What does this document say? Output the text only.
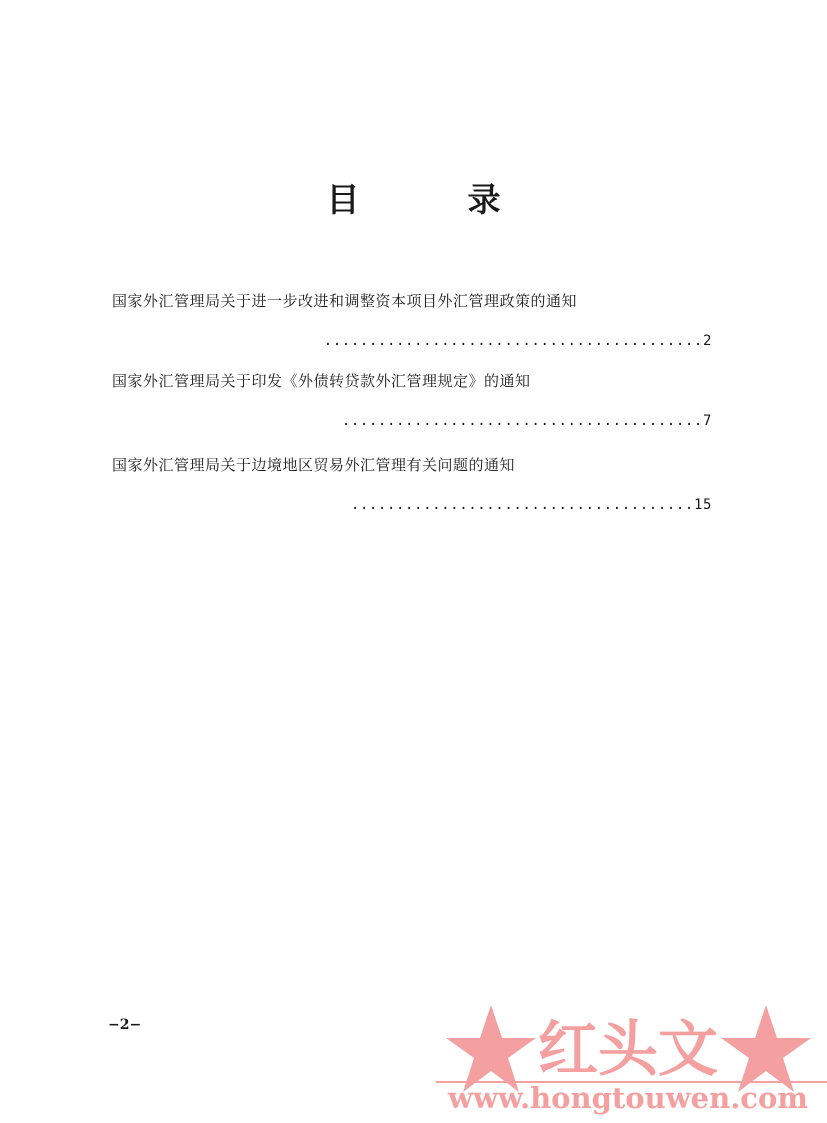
目	录
国家外汇管理局关于进一步改进和调整资本项目外汇管理政策的通知
..........................................2
国家外汇管理局关于印发《外债转贷款外汇管理规定》的通知
........................................7
国家外汇管理局关于边境地区贸易外汇管理有关问题的通知
......................................15
−2−	红头文
www.hongtouwen.com
